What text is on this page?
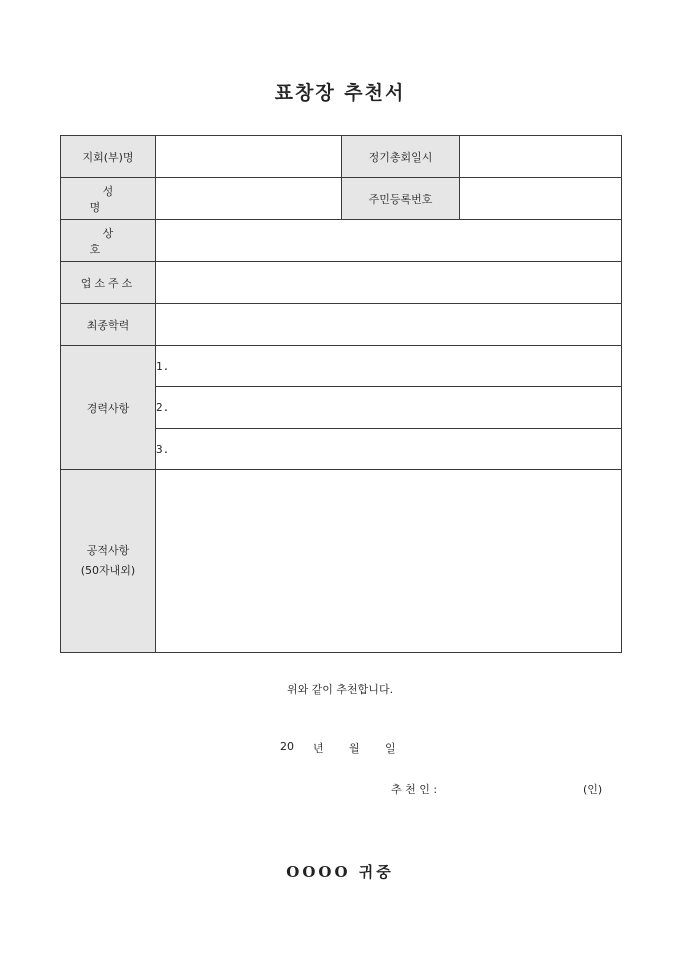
표창장 추천서
지회(부)명		정기총회일시	
성 명		주민등록번호	
상 호			
업소주소			
최종학력			
경력사항	1.		
	2.		
	3.		

공적사항
(50자내외)			

위와 같이 추천합니다.
20 년 월 일
추 천 인 :	(인)
OOOO 귀중
